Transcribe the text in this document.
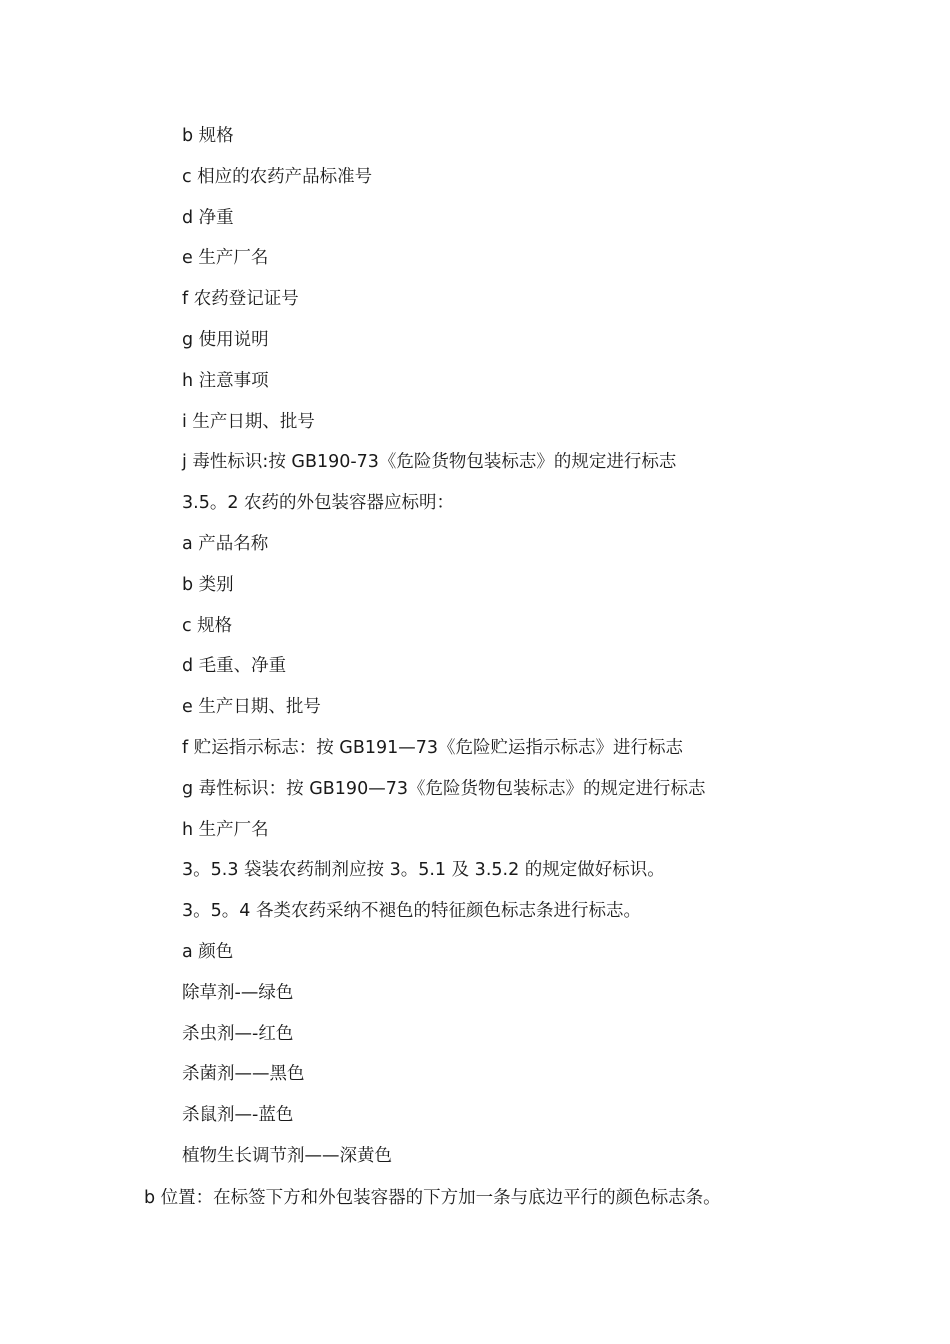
b 规格
c 相应的农药产品标准号
d 净重
e 生产厂名
f 农药登记证号
g 使用说明
h 注意事项
i 生产日期、批号
j 毒性标识:按 GB190-73《危险货物包装标志》的规定进行标志
3.5。2 农药的外包装容器应标明：
a 产品名称
b 类别
c 规格
d 毛重、净重
e 生产日期、批号
f 贮运指示标志：按 GB191—73《危险贮运指示标志》进行标志
g 毒性标识：按 GB190—73《危险货物包装标志》的规定进行标志
h 生产厂名
3。5.3 袋装农药制剂应按 3。5.1 及 3.5.2 的规定做好标识。
3。5。4 各类农药采纳不褪色的特征颜色标志条进行标志。
a 颜色
除草剂-—绿色
杀虫剂—-红色
杀菌剂——黑色
杀鼠剂—-蓝色
植物生长调节剂——深黄色
b 位置：在标签下方和外包装容器的下方加一条与底边平行的颜色标志条。
